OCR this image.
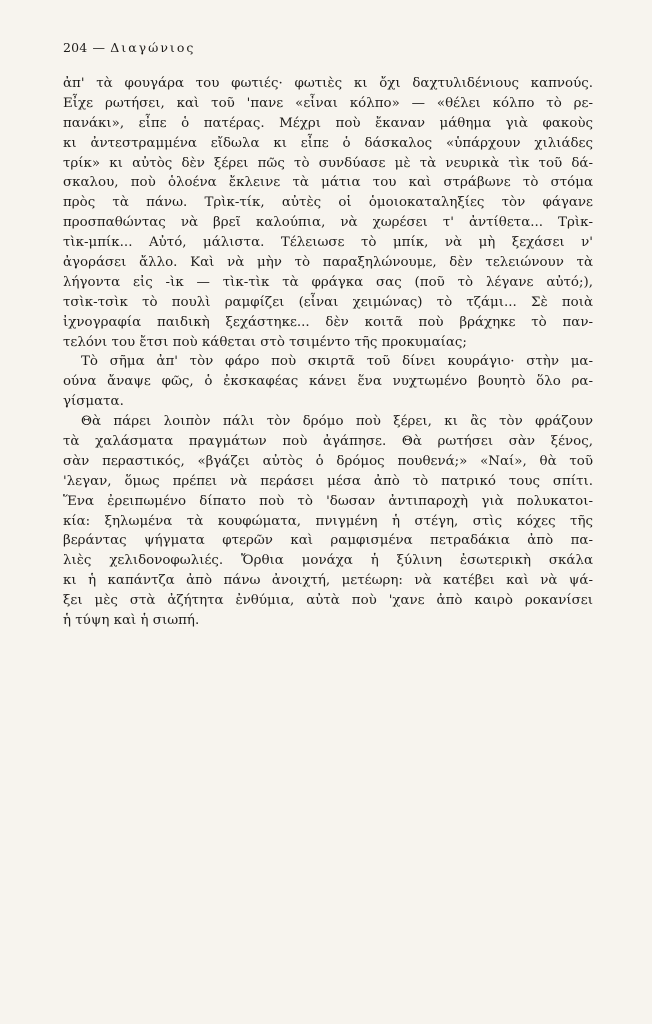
204 — Διαγώνιος
ἀπ' τὰ φουγάρα του φωτιές· φωτιὲς κι ὄχι δαχτυλιδένιους καπνούς.
Εἶχε ρωτήσει, καὶ τοῦ 'πανε «εἶναι κόλπο» — «θέλει κόλπο τὸ ρε-
πανάκι», εἶπε ὁ πατέρας. Μέχρι ποὺ ἔκαναν μάθημα γιὰ φακοὺς
κι ἀντεστραμμένα εἴδωλα κι εἶπε ὁ δάσκαλος «ὑπάρχουν χιλιάδες
τρίκ» κι αὐτὸς δὲν ξέρει πῶς τὸ συνδύασε μὲ τὰ νευρικὰ τὶκ τοῦ δά-
σκαλου, ποὺ ὁλοένα ἔκλεινε τὰ μάτια του καὶ στράβωνε τὸ στόμα
πρὸς τὰ πάνω. Τρὶκ-τίκ, αὐτὲς οἱ ὁμοιοκαταληξίες τὸν φάγανε
προσπαθώντας νὰ βρεῖ καλούπια, νὰ χωρέσει τ' ἀντίθετα... Τρὶκ-
τὶκ-μπίκ... Αὐτό, μάλιστα. Τέλειωσε τὸ μπίκ, νὰ μὴ ξεχάσει ν'
ἀγοράσει ἄλλο. Καὶ νὰ μὴν τὸ παραξηλώνουμε, δὲν τελειώνουν τὰ
λήγοντα εἰς -ὶκ — τὶκ-τὶκ τὰ φράγκα σας (ποῦ τὸ λέγανε αὐτό;),
τσὶκ-τσὶκ τὸ πουλὶ ραμφίζει (εἶναι χειμώνας) τὸ τζάμι... Σὲ ποιὰ
ἰχνογραφία παιδικὴ ξεχάστηκε... δὲν κοιτᾶ ποὺ βράχηκε τὸ παν-
τελόνι του ἔτσι ποὺ κάθεται στὸ τσιμέντο τῆς προκυμαίας;
Τὸ σῆμα ἀπ' τὸν φάρο ποὺ σκιρτᾶ τοῦ δίνει κουράγιο· στὴν μα-
ούνα ἄναψε φῶς, ὁ ἐκσκαφέας κάνει ἕνα νυχτωμένο βουητὸ ὅλο ρα-
γίσματα.
Θὰ πάρει λοιπὸν πάλι τὸν δρόμο ποὺ ξέρει, κι ἂς τὸν φράζουν
τὰ χαλάσματα πραγμάτων ποὺ ἀγάπησε. Θὰ ρωτήσει σὰν ξένος,
σὰν περαστικός, «βγάζει αὐτὸς ὁ δρόμος πουθενά;» «Ναί», θὰ τοῦ
'λεγαν, ὅμως πρέπει νὰ περάσει μέσα ἀπὸ τὸ πατρικό τους σπίτι.
Ἕνα ἐρειπωμένο δίπατο ποὺ τὸ 'δωσαν ἀντιπαροχὴ γιὰ πολυκατοι-
κία: ξηλωμένα τὰ κουφώματα, πνιγμένη ἡ στέγη, στὶς κόχες τῆς
βεράντας ψήγματα φτερῶν καὶ ραμφισμένα πετραδάκια ἀπὸ πα-
λιὲς χελιδονοφωλιές. Ὄρθια μονάχα ἡ ξύλινη ἐσωτερικὴ σκάλα
κι ἡ καπάντζα ἀπὸ πάνω ἀνοιχτή, μετέωρη: νὰ κατέβει καὶ νὰ ψά-
ξει μὲς στὰ ἀζήτητα ἐνθύμια, αὐτὰ ποὺ 'χανε ἀπὸ καιρὸ ροκανίσει
ἡ τύψη καὶ ἡ σιωπή.
